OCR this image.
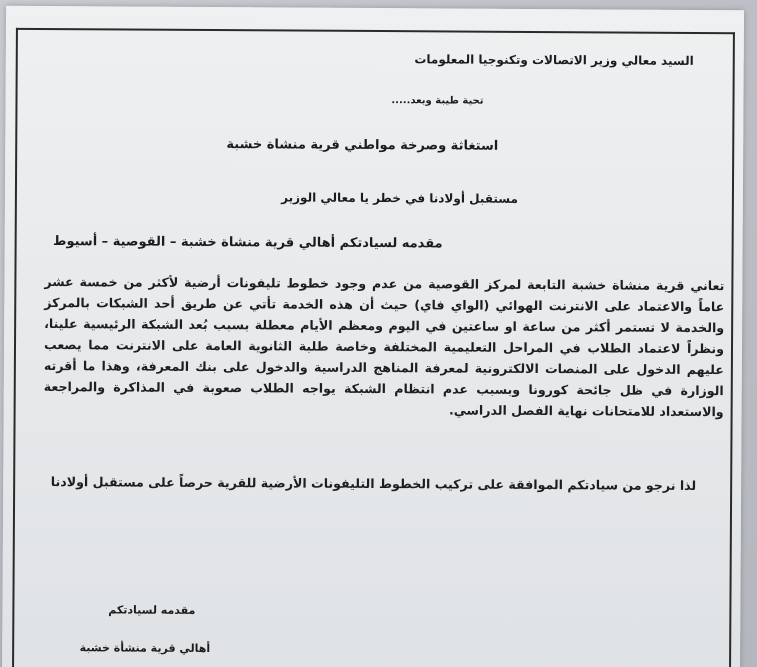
السيد معالي وزير الاتصالات وتكنوجيا المعلومات
تحية طيبة وبعد.....
استغاثة وصرخة مواطني قرية منشاة خشبة
مستقبل أولادنا في خطر يا معالي الوزير
مقدمه لسيادتكم أهالي قرية منشاة خشبة – القوصية – أسيوط

تعاني قرية منشاة خشبة التابعة لمركز القوصية من عدم وجود خطوط تليفونات أرضية لأكثر من خمسة عشر عاماً والاعتماد على الانترنت الهوائي (الواي فاي) حيث أن هذه الخدمة تأتي عن طريق أحد الشبكات بالمركز والخدمة لا تستمر أكثر من ساعة او ساعتين في اليوم ومعظم الأيام معطلة بسبب بُعد الشبكة الرئيسية علينا، ونظراً لاعتماد الطلاب في المراحل التعليمية المختلفة وخاصة طلبة الثانوية العامة على الانترنت مما يصعب عليهم الدخول على المنصات الالكترونية لمعرفة المناهج الدراسية والدخول على بنك المعرفة، وهذا ما أقرته الوزارة في ظل جائحة كورونا وبسبب عدم انتظام الشبكة يواجه الطلاب صعوبة في المذاكرة والمراجعة والاستعداد للامتحانات نهاية الفصل الدراسي.

لذا نرجو من سيادتكم الموافقة على تركيب الخطوط التليفونات الأرضية للقرية حرصاً على مستقبل أولادنا
مقدمه لسيادتكم
أهالي قرية منشأة خشبة
